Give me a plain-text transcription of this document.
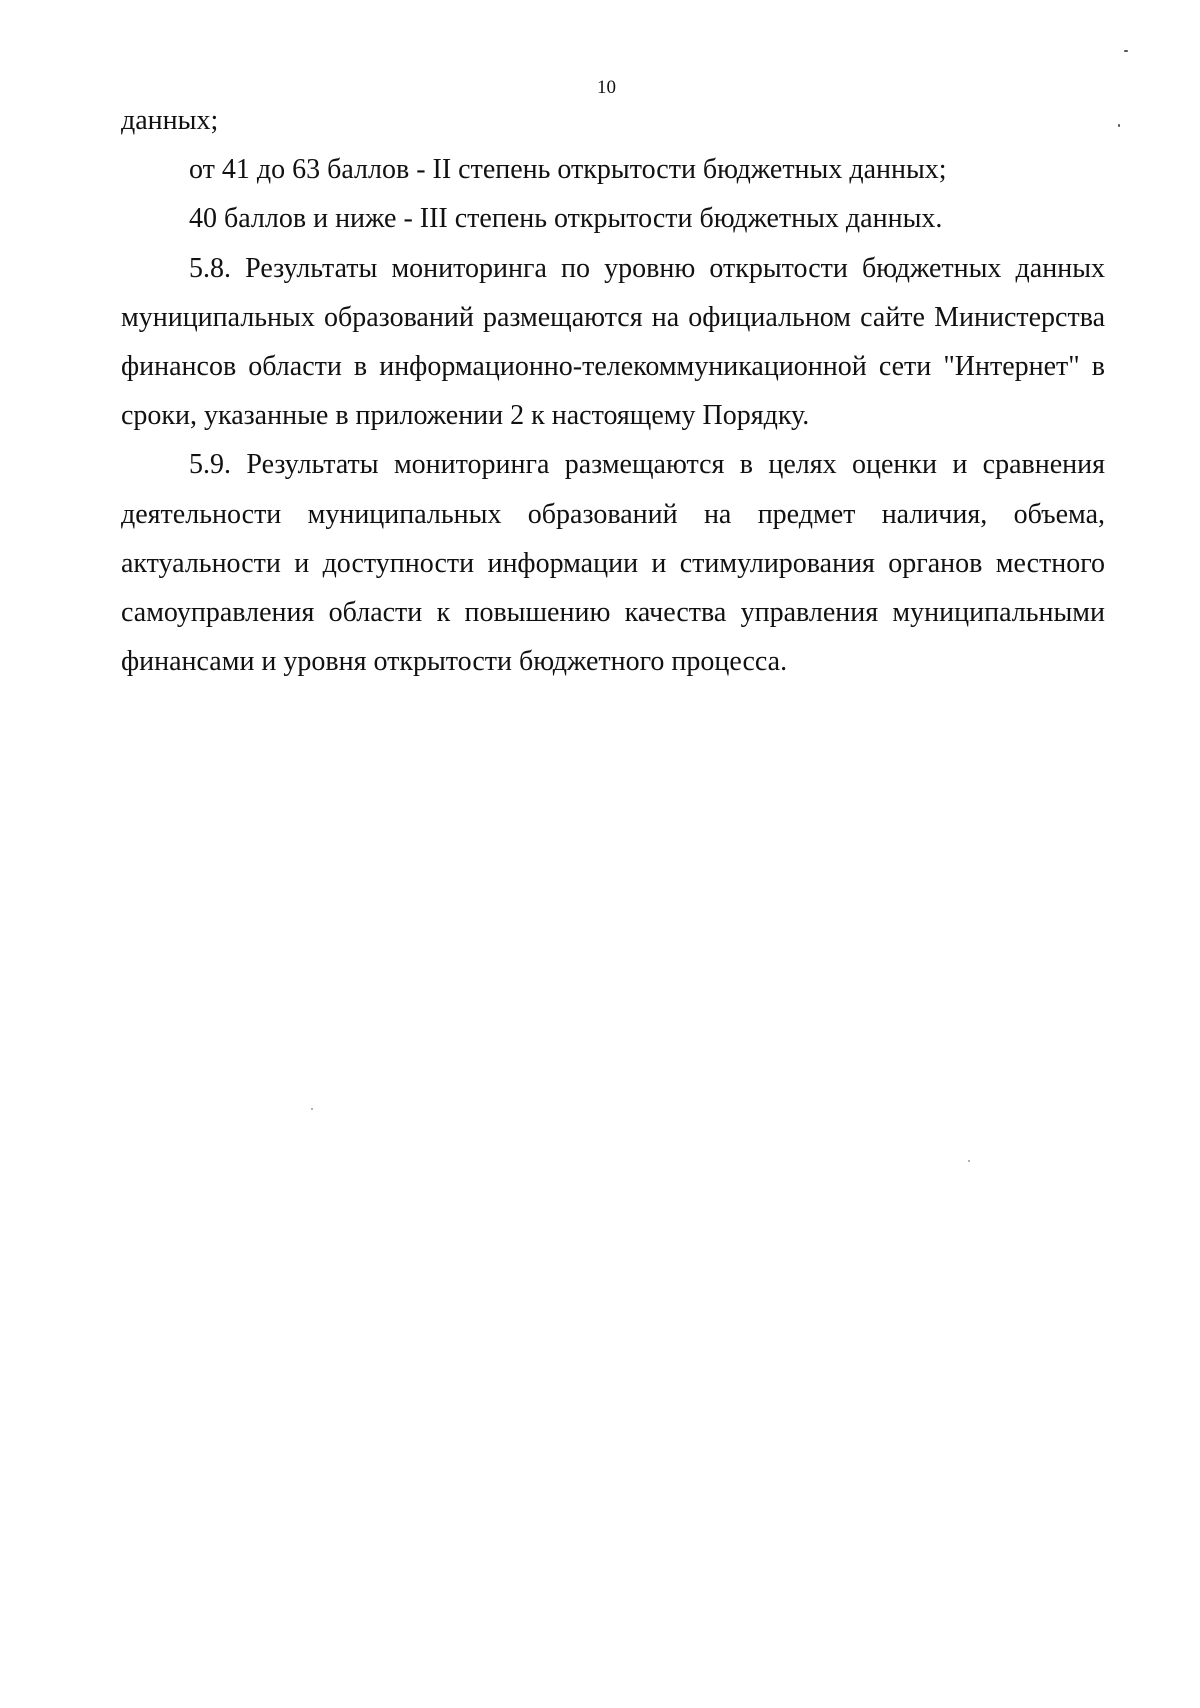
10

данных;

от 41 до 63 баллов - II степень открытости бюджетных данных;

40 баллов и ниже - III степень открытости бюджетных данных.

5.8. Результаты мониторинга по уровню открытости бюджетных данных муниципальных образований размещаются на официальном сайте Министерства финансов области в информационно-телекоммуникационной сети "Интернет" в сроки, указанные в приложении 2 к настоящему Порядку.

5.9. Результаты мониторинга размещаются в целях оценки и сравнения деятельности муниципальных образований на предмет наличия, объема, актуальности и доступности информации и стимулирования органов местного самоуправления области к повышению качества управления муниципальными финансами и уровня открытости бюджетного процесса.
